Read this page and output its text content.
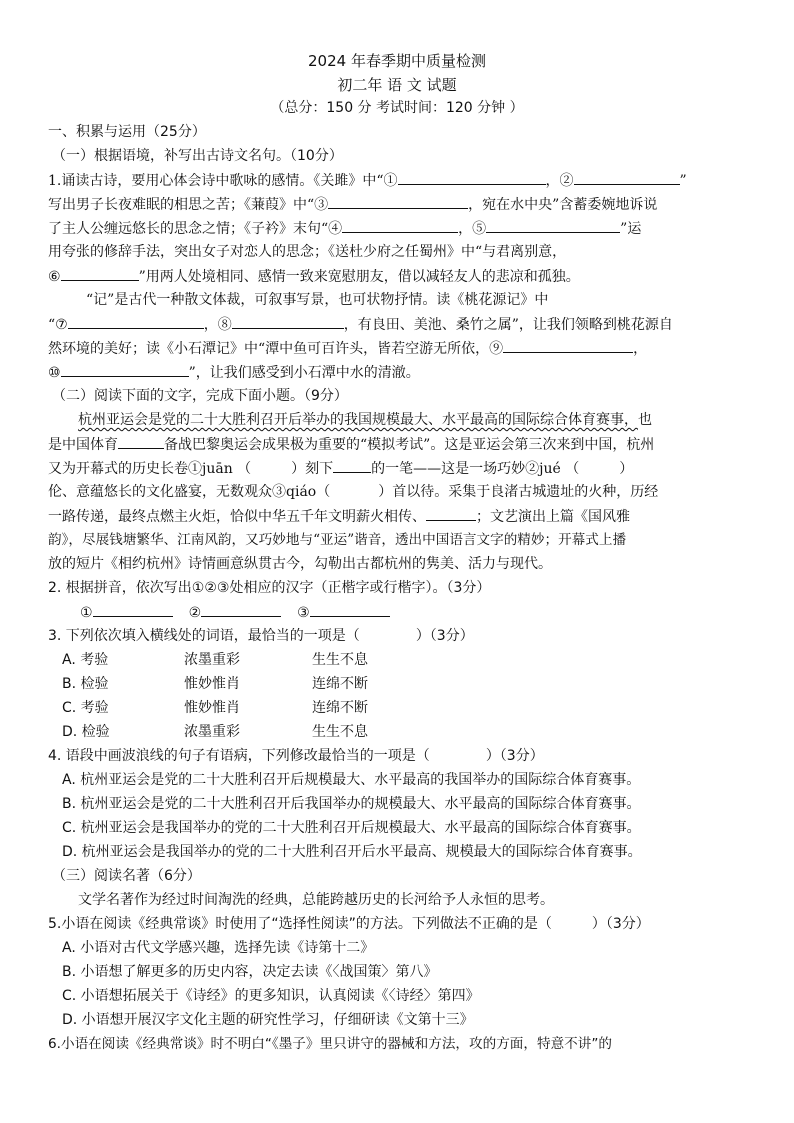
2024 年春季期中质量检测
初二年 语 文 试题
（总分：150 分 考试时间：120 分钟 ）
一、积累与运用（25分）
（一）根据语境，补写出古诗文名句。（10分）
1.诵读古诗，要用心体会诗中歌咏的感情。《关雎》中“①	，②	”
写出男子长夜难眠的相思之苦；《蒹葭》中“③	，宛在水中央”含蓄委婉地诉说
了主人公缠远悠长的思念之情；《子衿》末句“④	，⑤	”运
用夸张的修辞手法，突出女子对恋人的思念；《送杜少府之任蜀州》中“与君离别意，
⑥	”用两人处境相同、感情一致来宽慰朋友，借以减轻友人的悲凉和孤独。
“记”是古代一种散文体裁，可叙事写景，也可状物抒情。读《桃花源记》中
“⑦	，⑧	，有良田、美池、桑竹之属”，让我们领略到桃花源自
然环境的美好；读《小石潭记》中“潭中鱼可百许头，皆若空游无所依，⑨	，
⑩	”，让我们感受到小石潭中水的清澈。
（二）阅读下面的文字，完成下面小题。（9分）
杭州亚运会是党的二十大胜利召开后举办的我国规模最大、水平最高的国际综合体育赛事，也
是中国体育	备战巴黎奥运会成果极为重要的“模拟考试”。这是亚运会第三次来到中国，杭州
又为开幕式的历史长卷①juān （	）刻下	的一笔——这是一场巧妙②jué （	）
伦、意蕴悠长的文化盛宴，无数观众③qiáo（	）首以待。采集于良渚古城遗址的火种，历经
一路传递，最终点燃主火炬，恰似中华五千年文明薪火相传、	；文艺演出上篇《国风雅
韵》，尽展钱塘繁华、江南风韵，又巧妙地与“亚运”谐音，透出中国语言文字的精妙；开幕式上播
放的短片《相约杭州》诗情画意纵贯古今，勾勒出古都杭州的隽美、活力与现代。
2. 根据拼音，依次写出①②③处相应的汉字（正楷字或行楷字）。（3分）
①	②	③
3. 下列依次填入横线处的词语，最恰当的一项是（	）（3分）
A. 考验	浓墨重彩	生生不息
B. 检验	惟妙惟肖	连绵不断
C. 考验	惟妙惟肖	连绵不断
D. 检验	浓墨重彩	生生不息
4. 语段中画波浪线的句子有语病，下列修改最恰当的一项是（	）（3分）
A. 杭州亚运会是党的二十大胜利召开后规模最大、水平最高的我国举办的国际综合体育赛事。
B. 杭州亚运会是党的二十大胜利召开后我国举办的规模最大、水平最高的国际综合体育赛事。
C. 杭州亚运会是我国举办的党的二十大胜利召开后规模最大、水平最高的国际综合体育赛事。
D. 杭州亚运会是我国举办的党的二十大胜利召开后水平最高、规模最大的国际综合体育赛事。
（三）阅读名著（6分）
文学名著作为经过时间淘洗的经典，总能跨越历史的长河给予人永恒的思考。
5.小语在阅读《经典常谈》时使用了“选择性阅读”的方法。下列做法不正确的是（	）（3分）
A. 小语对古代文学感兴趣，选择先读《诗第十二》
B. 小语想了解更多的历史内容，决定去读《〈战国策〉第八》
C. 小语想拓展关于《诗经》的更多知识，认真阅读《〈诗经〉第四》
D. 小语想开展汉字文化主题的研究性学习，仔细研读《文第十三》
6.小语在阅读《经典常谈》时不明白“《墨子》里只讲守的器械和方法，攻的方面，特意不讲”的
